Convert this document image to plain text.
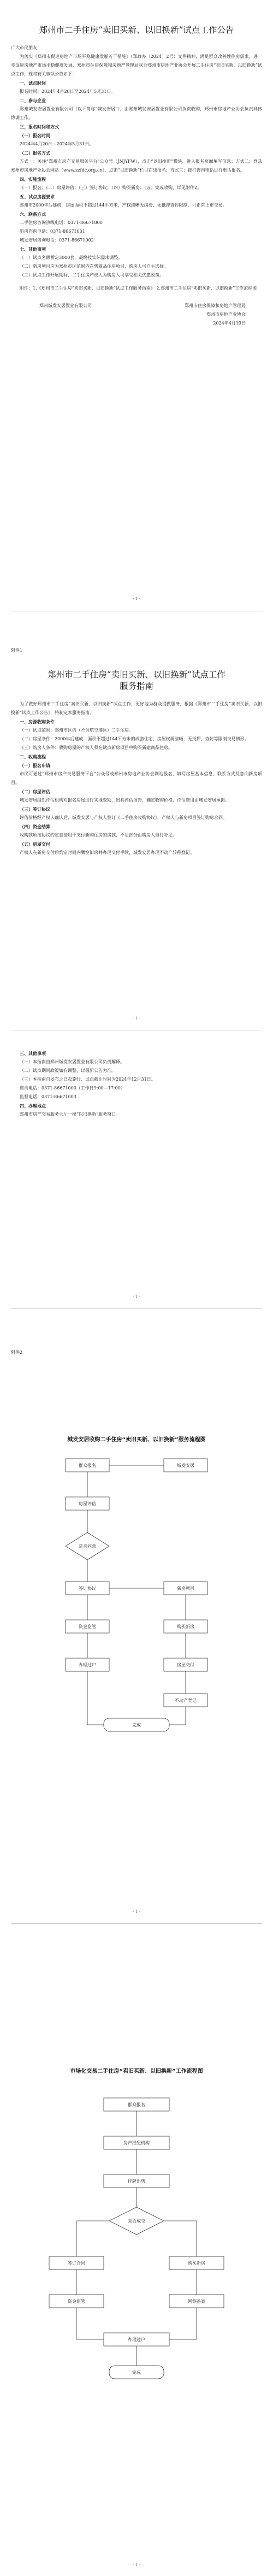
郑州市二手住房“卖旧买新、以旧换新”试点工作公告

广大市民朋友：

为落实《郑州市促进房地产市场平稳健康发展若干措施》（郑政办〔2024〕2号）文件精神，满足群众改善性住房需求，进一步促进房地产市场平稳健康发展，郑州市住房保障和房地产管理局联合郑州市房地产业协会开展二手住房“卖旧买新、以旧换新”试点工作，现将有关事项公告如下：

一、试点时间

报名时间：2024年4月20日至2024年5月31日。

二、参与企业

郑州城发安居置业有限公司（以下简称“城发安居”），由郑州城发安居置业有限公司负责收购，郑州市房地产业协会负责具体协调工作。

三、报名时间和方式

（一）报名时间

2024年4月20日—2024年5月31日。

（二）报名方式

方式一：关注“郑州市房产交易服务平台”公众号（JNJYFW），点击“以旧换新”模块，进入报名页面填写信息；方式二：登录郑州市房地产业协会网站（www.zzfdc.org.cn），点击“以旧换新”栏目在线报名；方式三：拨打咨询电话进行电话报名。

四、实施流程

（一）报名；（二）房屋评估；（三）签订协议；（四）购买新房；（五）完成收购，详见附件2。

五、试点房源要求

郑州市2000年后建成，房屋面积不超过144平方米，产权清晰无纠纷、无抵押查封限制，可正常上市交易。

六、联系方式

二手住房咨询热线电话：0371-86671000

新房咨询电话：0371-86671001

城发安居咨询电话：0371-86671002

七、其他事项

（一）试点名额暂定3000套，最终按实际需求调整。

（二）新房项目应为郑州市区范围内在售商品住房项目，购房人可自主选择。

（三）试点工作开展期间，二手住房产权人为购房人可享受相关优惠政策。

附件：1.《郑州市二手住房“卖旧买新、以旧换新”试点工作服务指南》 2.郑州市二手住房“卖旧买新、以旧换新”工作流程图

郑州城发安居置业有限公司	郑州市住房保障和房地产管理局

郑州市房地产业协会

2024年4月19日

- 1 -
附件1

郑州市二手住房“卖旧买新、以旧换新”试点工作服务指南

为了做好郑州市二手住房“卖旧买新、以旧换新”试点工作，更好地为群众提供服务，根据《郑州市二手住房“卖旧买新、以旧换新”试点工作公告》，特制定本服务指南。

一、房源收购条件

（一）试点范围：郑州市区内（不含航空港区）二手住房。

（二）房屋条件：2000年后建成，面积不超过144平方米的成套住宅，房屋权属清晰，无抵押、查封等限制交易情形。

（三）购房人条件：收购房屋的产权人须在试点新房项目中购买新建商品住房。

二、收购流程

（一）报名申请

市民可通过“郑州市房产交易服务平台”公众号或郑州市房地产业协会网站报名，填写房屋基本信息、联系方式及意向新房项目。

（二）房屋评估

城发安居组织评估机构对报名房屋进行实地查勘，出具评估报告，确定收购价格，评估费用由城发安居承担。

（三）签订协议

评估价格经产权人确认后，城发安居与产权人签订《二手住房收购协议》，产权人与新房项目签订购房合同。

（四）资金结算

收购款项按协议约定直接用于支付新购住房的房款，不足部分由购房人自行补足。

（五）房屋交付

产权人在新房交付后约定时间内腾空旧房并办理交付手续，城发安居办理不动产转移登记。

- 1 -

三、其他事项

（一）本指南由郑州城发安居置业有限公司负责解释。

（二）试点期间政策如有调整，以最新公告为准。

（三）本指南自发布之日起施行，试点截止时间为2024年12月31日。

咨询电话：0371-86671000（工作日9:00—17:00）

监督电话：0371-86671003

四、办理地点

郑州市房产交易服务大厅一楼“以旧换新”服务窗口。

- 1 -
附件2
城发安居收购二手住房“卖旧买新、以旧换新”服务流程图
群众报名	城发安居
房屋评估
是否同意
签订协议	新房项目
资金监管	购买新房
办理过户	房屋交付
不动产登记
完成
- 1 -
市场化交易二手住房“卖旧买新、以旧换新”工作流程图
群众报名
房产经纪机构
挂牌出售
是否成交
签订合同	购买新房
资金监管	网签备案
办理过户
完成
- 1 -
